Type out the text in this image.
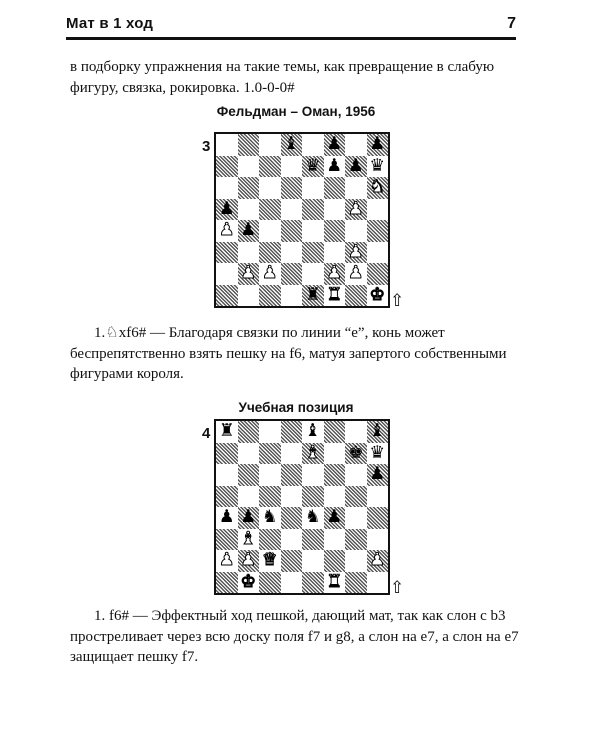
Мат в 1 ход	7

в подборку упражнения на такие темы, как превращение в слабую фигуру, связка, рокировка. 1.0-0-0#

Фельдман – Оман, 1956
3	♝ ♟ ♟
♛ ♟ ♟ ♛
♞
♟	♟
♟ ♟
♟
♟ ♟	♟ ♟
♜ ♜ ♚ ⇧

1.♘xf6# — Благодаря связки по линии “е”, конь может беспрепятственно взять пешку на f6, матуя запертого собственными фигурами короля.

Учебная позиция
4 ♜	♝	♝
♝ ♚ ♛
♟
♟ ♟ ♞ ♞ ♟
♝
♟ ♟ ♛	♟
♚	♜	⇧

1. f6# — Эффектный ход пешкой, дающий мат, так как слон с b3 простреливает через всю доску поля f7 и g8, а слон на е7, а слон на е7 защищает пешку f7.
